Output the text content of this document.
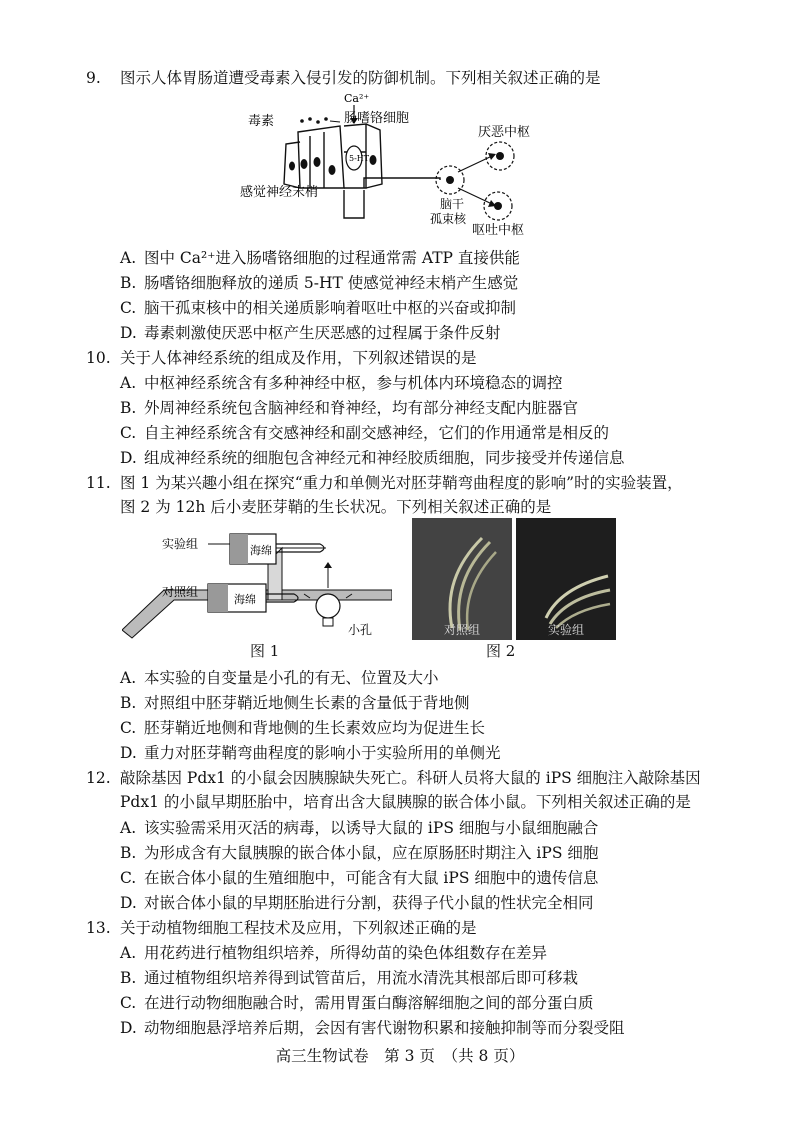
9. 图示人体胃肠道遭受毒素入侵引发的防御机制。下列相关叙述正确的是
5-HT
Ca²⁺
毒素	肠嗜铬细胞
感觉神经末梢
脑干
孤束核
厌恶中枢
呕吐中枢
A. 图中 Ca²⁺进入肠嗜铬细胞的过程通常需 ATP 直接供能
B. 肠嗜铬细胞释放的递质 5-HT 使感觉神经末梢产生感觉
C. 脑干孤束核中的相关递质影响着呕吐中枢的兴奋或抑制
D. 毒素刺激使厌恶中枢产生厌恶感的过程属于条件反射
10. 关于人体神经系统的组成及作用，下列叙述错误的是
A. 中枢神经系统含有多种神经中枢，参与机体内环境稳态的调控
B. 外周神经系统包含脑神经和脊神经，均有部分神经支配内脏器官
C. 自主神经系统含有交感神经和副交感神经，它们的作用通常是相反的
D. 组成神经系统的细胞包含神经元和神经胶质细胞，同步接受并传递信息
11. 图 1 为某兴趣小组在探究“重力和单侧光对胚芽鞘弯曲程度的影响”时的实验装置，
图 2 为 12h 后小麦胚芽鞘的生长状况。下列相关叙述正确的是
海绵
实验组
海绵
对照组
小孔
图 1
对照组	实验组
图 2
A. 本实验的自变量是小孔的有无、位置及大小
B. 对照组中胚芽鞘近地侧生长素的含量低于背地侧
C. 胚芽鞘近地侧和背地侧的生长素效应均为促进生长
D. 重力对胚芽鞘弯曲程度的影响小于实验所用的单侧光
12. 敲除基因 Pdx1 的小鼠会因胰腺缺失死亡。科研人员将大鼠的 iPS 细胞注入敲除基因
Pdx1 的小鼠早期胚胎中，培育出含大鼠胰腺的嵌合体小鼠。下列相关叙述正确的是
A. 该实验需采用灭活的病毒，以诱导大鼠的 iPS 细胞与小鼠细胞融合
B. 为形成含有大鼠胰腺的嵌合体小鼠，应在原肠胚时期注入 iPS 细胞
C. 在嵌合体小鼠的生殖细胞中，可能含有大鼠 iPS 细胞中的遗传信息
D. 对嵌合体小鼠的早期胚胎进行分割，获得子代小鼠的性状完全相同
13. 关于动植物细胞工程技术及应用，下列叙述正确的是
A. 用花药进行植物组织培养，所得幼苗的染色体组数存在差异
B. 通过植物组织培养得到试管苗后，用流水清洗其根部后即可移栽
C. 在进行动物细胞融合时，需用胃蛋白酶溶解细胞之间的部分蛋白质
D. 动物细胞悬浮培养后期，会因有害代谢物积累和接触抑制等而分裂受阻
高三生物试卷　第 3 页　（共 8 页）
